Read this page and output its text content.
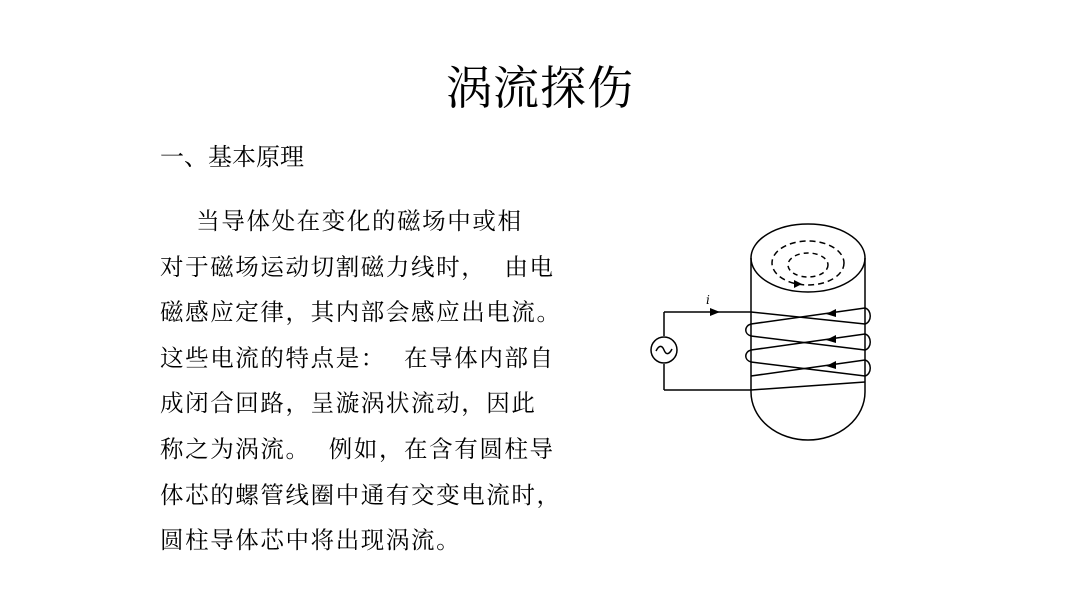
涡流探伤
一、基本原理
当导体处在变化的磁场中或相
对于磁场运动切割磁力线时，  由电
磁感应定律，其内部会感应出电流。
这些电流的特点是：  在导体内部自
成闭合回路，呈漩涡状流动，因此
称之为涡流。  例如，在含有圆柱导
体芯的螺管线圈中通有交变电流时，
圆柱导体芯中将出现涡流。
i
